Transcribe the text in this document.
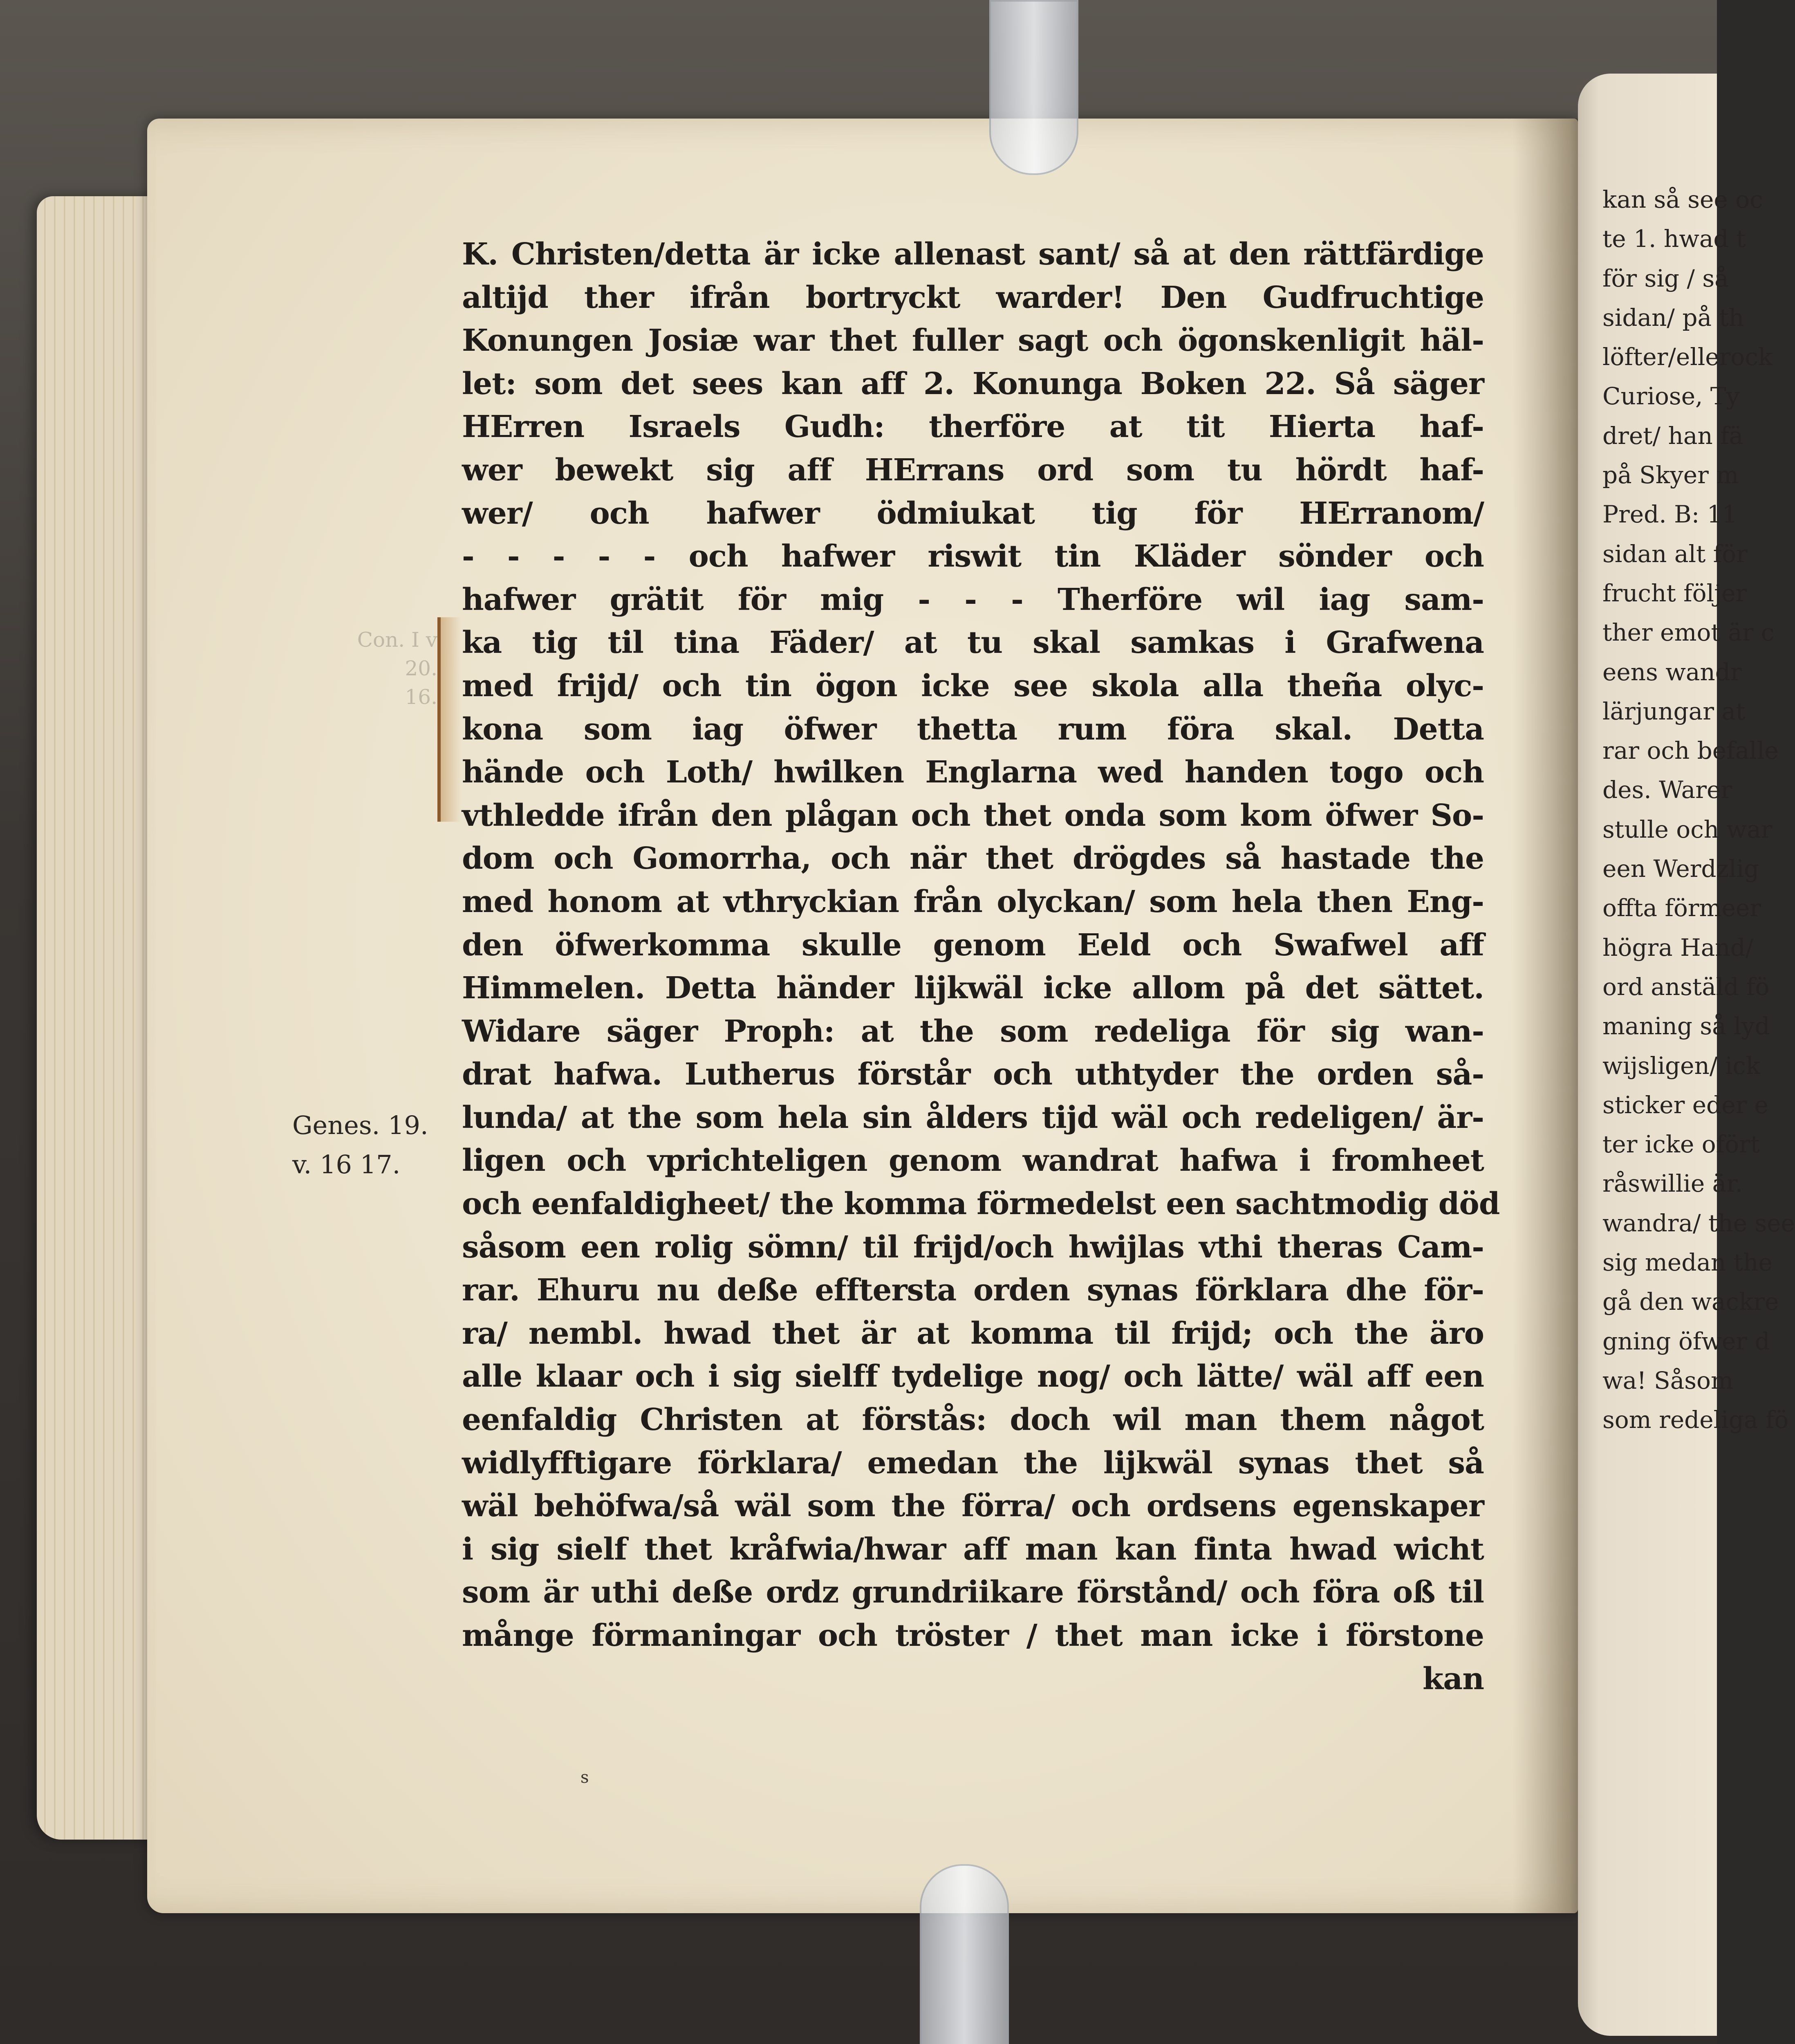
kan så see oc
te 1. hwad t
för sig / så
sidan/ på th
löfter/ellerock
Curiose, Ty
dret/ han fä
på Skyer m
Pred. B: 11
sidan alt för
frucht följer
ther emot är c
eens wandr
lärjungar at
rar och befalle
des. Warer
stulle och war
een Werdzlig
offta förmeer
högra Hand/
ord anstäld fö
maning så lyd
wijsligen/ ick
sticker eder e
ter icke ofört
råswillie är.
wandra/ the see
sig medan the
gå den wackre
gning öfwer d
wa! Såsom
som redeliga fö
Con. I v
20.
16.
Genes. 19.
v. 16 17.
K. Christen/detta är icke allenast sant/ så at den rättfärdige
altijd ther ifrån bortryckt warder! Den Gudfruchtige
Konungen Josiæ war thet fuller sagt och ögonskenligit häl-
let: som det sees kan aff 2. Konunga Boken 22. Så säger
HErren Israels Gudh: therföre at tit Hierta haf-
wer bewekt sig aff HErrans ord som tu hördt haf-
wer/ och hafwer ödmiukat tig för HErranom/
- - - - - och hafwer riswit tin Kläder sönder och
hafwer grätit för mig - - - Therföre wil iag sam-
ka tig til tina Fäder/ at tu skal samkas i Grafwena
med frijd/ och tin ögon icke see skola alla theña olyc-
kona som iag öfwer thetta rum föra skal. Detta
hände och Loth/ hwilken Englarna wed handen togo och
vthledde ifrån den plågan och thet onda som kom öfwer So-
dom och Gomorrha, och när thet drögdes så hastade the
med honom at vthryckian från olyckan/ som hela then Eng-
den öfwerkomma skulle genom Eeld och Swafwel aff
Himmelen. Detta händer lijkwäl icke allom på det sättet.
Widare säger Proph: at the som redeliga för sig wan-
drat hafwa. Lutherus förstår och uthtyder the orden så-
lunda/ at the som hela sin ålders tijd wäl och redeligen/ är-
ligen och vprichteligen genom wandrat hafwa i fromheet
och eenfaldigheet/ the komma förmedelst een sachtmodig död
såsom een rolig sömn/ til frijd/och hwijlas vthi theras Cam-
rar. Ehuru nu deße efftersta orden synas förklara dhe för-
ra/ nembl. hwad thet är at komma til frijd; och the äro
alle klaar och i sig sielff tydelige nog/ och lätte/ wäl aff een
eenfaldig Christen at förstås: doch wil man them något
widlyfftigare förklara/ emedan the lijkwäl synas thet så
wäl behöfwa/så wäl som the förra/ och ordsens egenskaper
i sig sielf thet kråfwia/hwar aff man kan finta hwad wicht
som är uthi deße ordz grundriikare förstånd/ och föra oß til
månge förmaningar och tröster / thet man icke i förstone
kan
s
